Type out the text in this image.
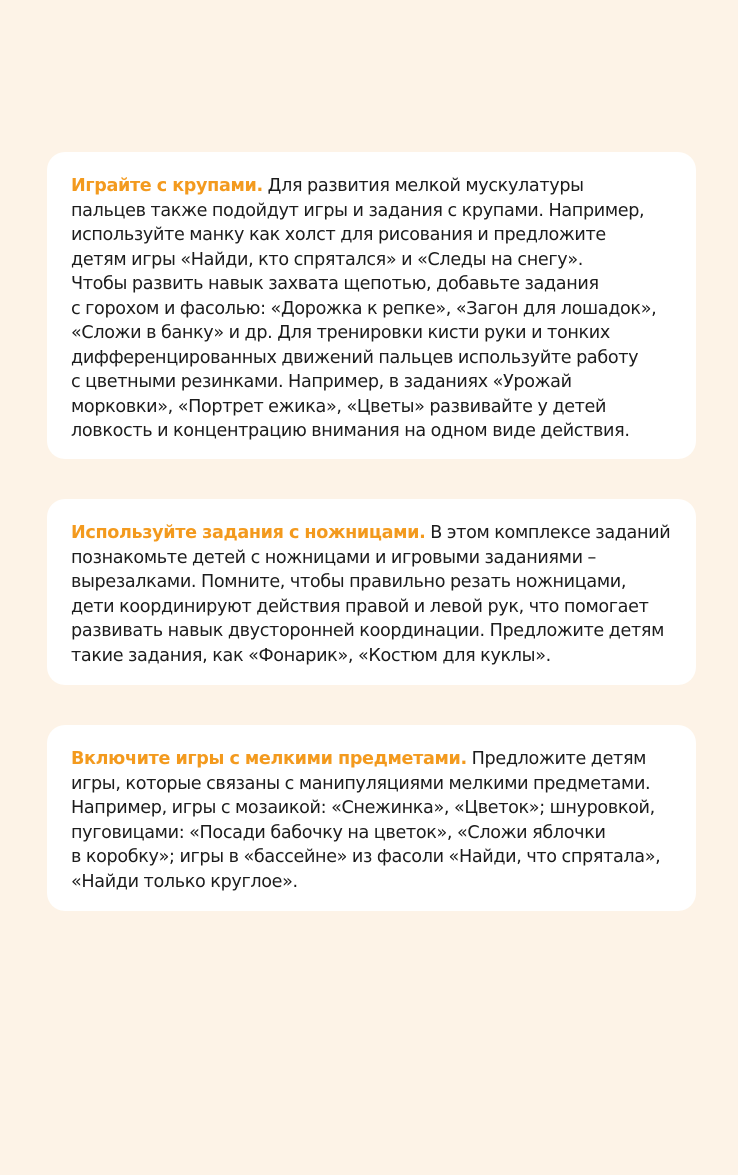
Играйте с крупами. Для развития мелкой мускулатуры
пальцев также подойдут игры и задания с крупами. Например,
используйте манку как холст для рисования и предложите
детям игры «Найди, кто спрятался» и «Следы на снегу».
Чтобы развить навык захвата щепотью, добавьте задания
с горохом и фасолью: «Дорожка к репке», «Загон для лошадок»,
«Сложи в банку» и др. Для тренировки кисти руки и тонких
дифференцированных движений пальцев используйте работу
с цветными резинками. Например, в заданиях «Урожай
морковки», «Портрет ежика», «Цветы» развивайте у детей
ловкость и концентрацию внимания на одном виде действия.

Используйте задания с ножницами. В этом комплексе заданий
познакомьте детей с ножницами и игровыми заданиями –
вырезалками. Помните, чтобы правильно резать ножницами,
дети координируют действия правой и левой рук, что помогает
развивать навык двусторонней координации. Предложите детям
такие задания, как «Фонарик», «Костюм для куклы».

Включите игры с мелкими предметами. Предложите детям
игры, которые связаны с манипуляциями мелкими предметами.
Например, игры с мозаикой: «Снежинка», «Цветок»; шнуровкой,
пуговицами: «Посади бабочку на цветок», «Сложи яблочки
в коробку»; игры в «бассейне» из фасоли «Найди, что спрятала»,
«Найди только круглое».
